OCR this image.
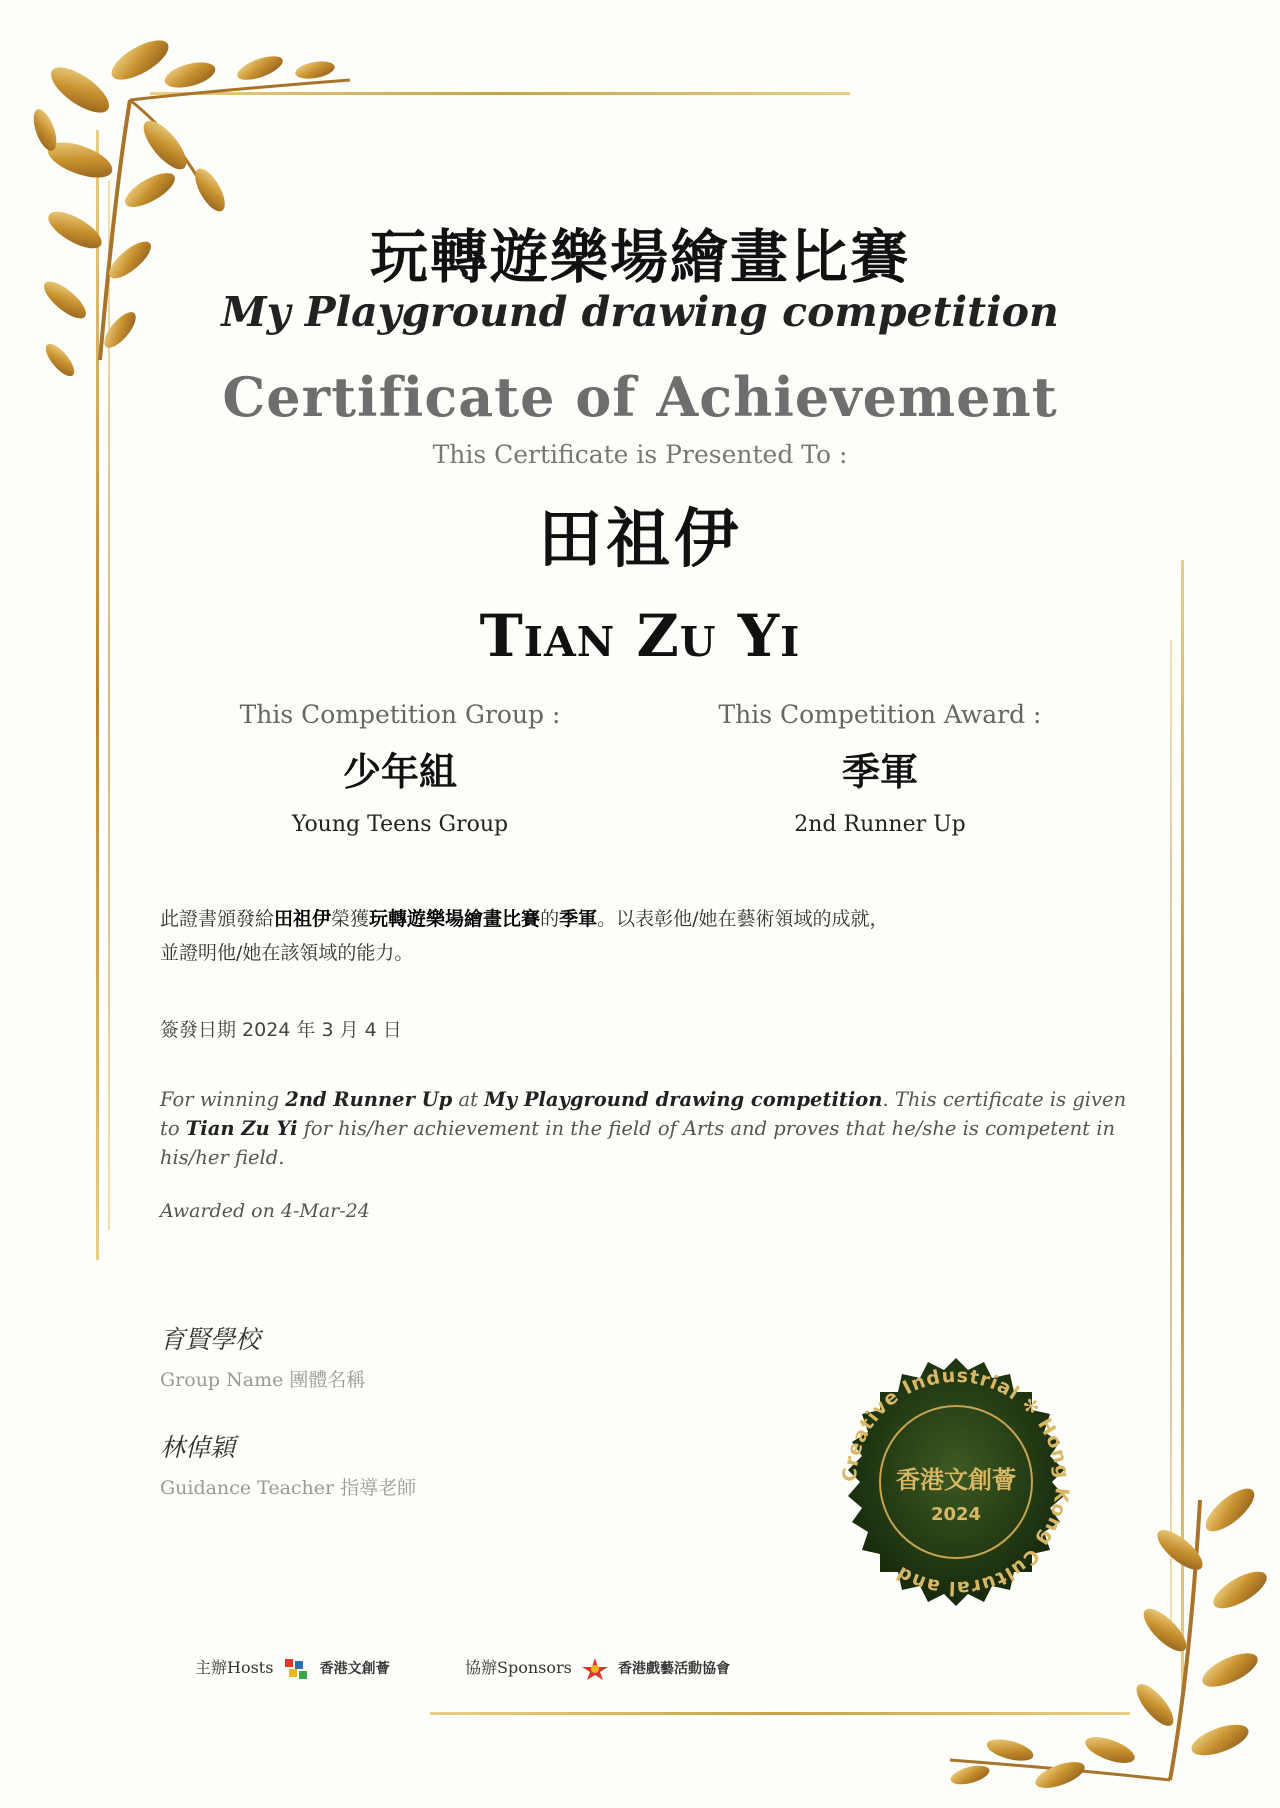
玩轉遊樂場繪畫比賽
My Playground drawing competition
Certificate of Achievement
This Certificate is Presented To :
田祖伊
Tian Zu Yi
This Competition Group :
少年組
Young Teens Group
This Competition Award :
季軍
2nd Runner Up
此證書頒發給田祖伊榮獲玩轉遊樂場繪畫比賽的季軍。以表彰他/她在藝術領域的成就，
並證明他/她在該領域的能力。
簽發日期 2024 年 3 月 4 日
For winning 2nd Runner Up at My Playground drawing competition. This certificate is given to Tian Zu Yi for his/her achievement in the field of Arts and proves that he/she is competent in his/her field.
Awarded on 4-Mar-24
育賢學校
Group Name 團體名稱
林倬穎
Guidance Teacher 指導老師
Creative Industrial ✻ Hong Kong Cultural and
香港文創薈
2024
主辦Hosts	香港文創薈	協辦Sponsors	香港戲藝活動協會
